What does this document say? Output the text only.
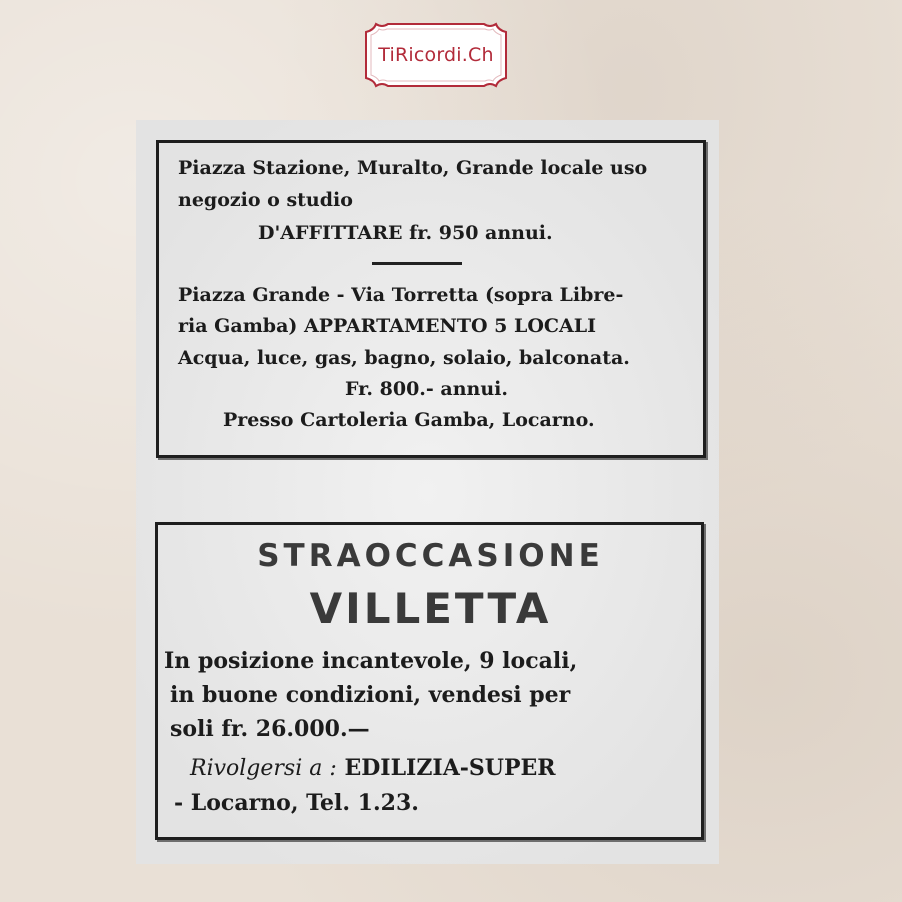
TiRicordi.Ch
Piazza Stazione, Muralto, Grande locale uso
negozio o studio
D'AFFITTARE fr. 950 annui.
Piazza Grande - Via Torretta (sopra Libre-
ria Gamba) APPARTAMENTO 5 LOCALI
Acqua, luce, gas, bagno, solaio, balconata.
Fr. 800.- annui.
Presso Cartoleria Gamba, Locarno.
STRAOCCASIONE
VILLETTA
In posizione incantevole, 9 locali,
in buone condizioni, vendesi per
soli fr. 26.000.—
Rivolgersi a : EDILIZIA-SUPER
- Locarno, Tel. 1.23.
